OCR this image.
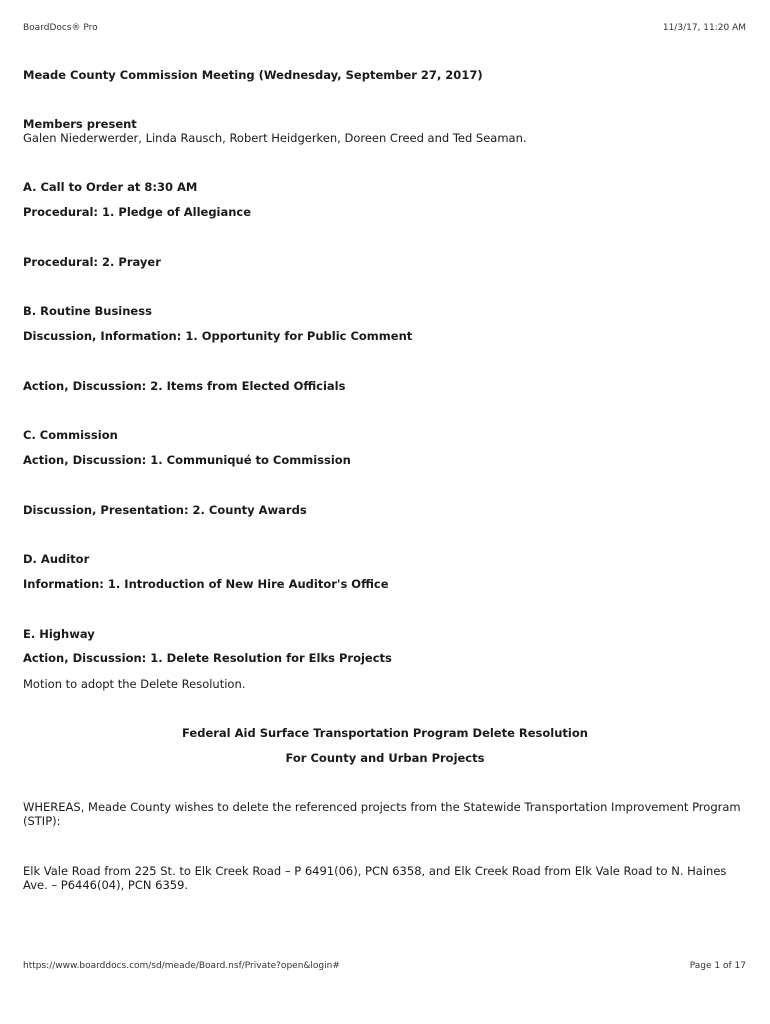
BoardDocs® Pro	11/3/17, 11:20 AM
Meade County Commission Meeting (Wednesday, September 27, 2017)
Members present
Galen Niederwerder, Linda Rausch, Robert Heidgerken, Doreen Creed and Ted Seaman.
A. Call to Order at 8:30 AM
Procedural: 1. Pledge of Allegiance
Procedural: 2. Prayer
B. Routine Business
Discussion, Information: 1. Opportunity for Public Comment
Action, Discussion: 2. Items from Elected Officials
C. Commission
Action, Discussion: 1. Communiqué to Commission
Discussion, Presentation: 2. County Awards
D. Auditor
Information: 1. Introduction of New Hire Auditor's Office
E. Highway
Action, Discussion: 1. Delete Resolution for Elks Projects
Motion to adopt the Delete Resolution.
Federal Aid Surface Transportation Program Delete Resolution
For County and Urban Projects
WHEREAS, Meade County wishes to delete the referenced projects from the Statewide Transportation Improvement Program (STIP):
Elk Vale Road from 225 St. to Elk Creek Road – P 6491(06), PCN 6358, and Elk Creek Road from Elk Vale Road to N. Haines Ave. – P6446(04), PCN 6359.
https://www.boarddocs.com/sd/meade/Board.nsf/Private?open&login#	Page 1 of 17
